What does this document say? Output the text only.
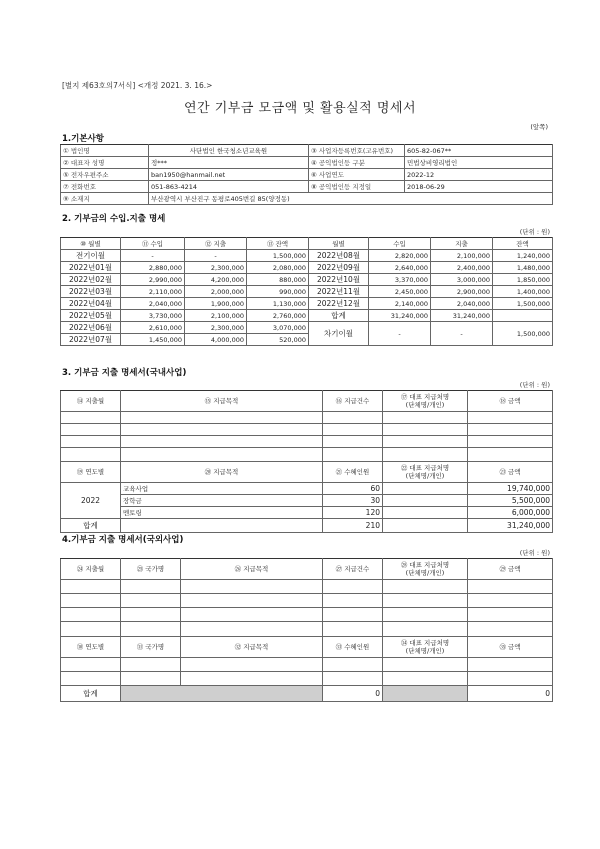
[별지 제63호의7서식] <개정 2021. 3. 16.>
연간 기부금 모금액 및 활용실적 명세서
(앞쪽)
1.기본사항
① 법인명	사단법인 한국청소년교육원	③ 사업자등록번호(고유번호)	605-82-067**
② 대표자 성명	정***	④ 공익법인등 구분	민법상비영리법인
⑤ 전자우편주소	ban1950@hanmail.net	⑥ 사업연도	2022-12
⑦ 전화번호	051-863-4214	⑧ 공익법인등 지정일	2018-06-29
⑨ 소재지	부산광역시 부산진구 동평로405번길 85(양정동)		
2. 기부금의 수입.지출 명세
(단위 : 원)
⑩ 월별	⑪ 수입	⑫ 지출	⑬ 잔액	월별	수입	지출	잔액
전기이월	-	-	1,500,000	2022년08월	2,820,000	2,100,000	1,240,000
2022년01월	2,880,000	2,300,000	2,080,000	2022년09월	2,640,000	2,400,000	1,480,000
2022년02월	2,990,000	4,200,000	880,000	2022년10월	3,370,000	3,000,000	1,850,000
2022년03월	2,110,000	2,000,000	990,000	2022년11월	2,450,000	2,900,000	1,400,000
2022년04월	2,040,000	1,900,000	1,130,000	2022년12월	2,140,000	2,040,000	1,500,000
2022년05월	3,730,000	2,100,000	2,760,000	합계	31,240,000	31,240,000	
2022년06월	2,610,000	2,300,000	3,070,000	차기이월	-	-	1,500,000
2022년07월	1,450,000	4,000,000	520,000				
3. 기부금 지출 명세서(국내사업)
(단위 : 원)
⑭ 지출월	⑮ 지급목적	⑯ 지급건수	⑰ 대표 지급처명
(단체명/개인)	⑱ 금액

⑲ 연도별	⑳ 지급목적	㉑ 수혜인원	㉒ 대표 지급처명
(단체명/개인)	㉓ 금액
2022	교육사업	60		19,740,000
	장학금	30		5,500,000
	멘토링	120		6,000,000
합계		210		31,240,000
4.기부금 지출 명세서(국외사업)
(단위 : 원)
㉔ 지출월	㉕ 국가명	㉖ 지급목적	㉗ 지급건수	㉘ 대표 지급처명
(단체명/개인)	㉙ 금액

㉚ 연도별	㉛ 국가명	㉜ 지급목적	㉝ 수혜인원	㉞ 대표 지급처명
(단체명/개인)	㉟ 금액

합계			0		0
